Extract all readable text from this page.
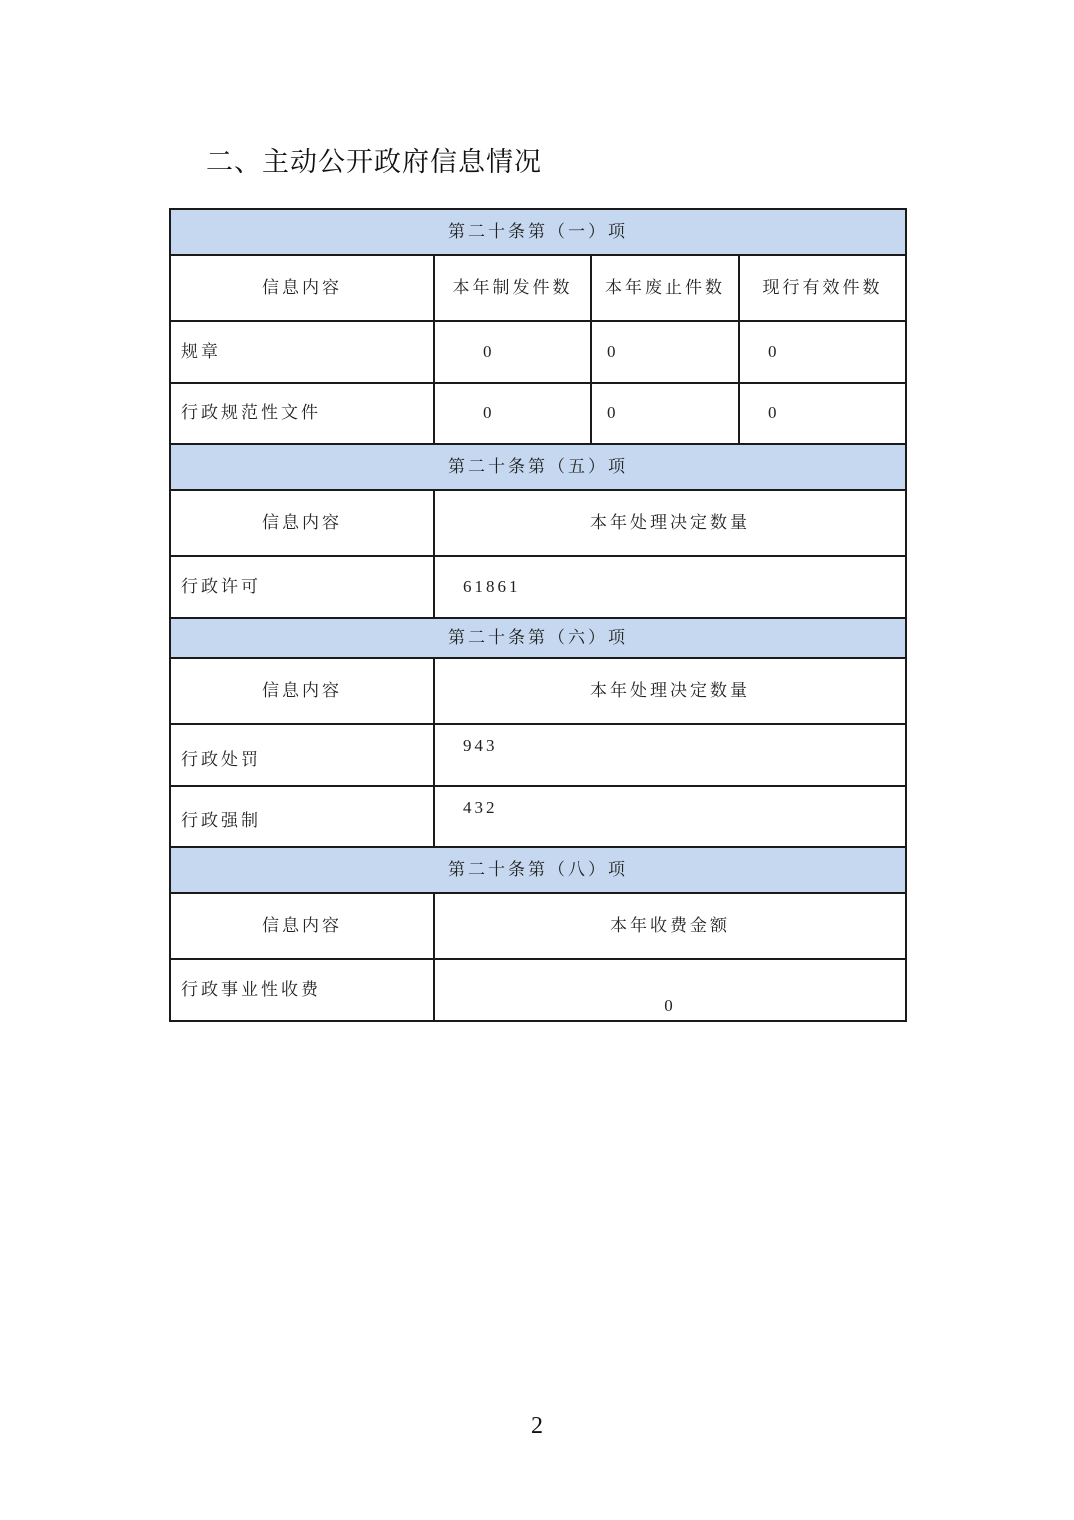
二、主动公开政府信息情况
第二十条第（一）项			
信息内容	本年制发件数	本年废止件数	现行有效件数
规章	0	0	0
行政规范性文件	0	0	0
第二十条第（五）项			
信息内容	本年处理决定数量		
行政许可	61861		
第二十条第（六）项			
信息内容	本年处理决定数量		
行政处罚	943		
行政强制	432		
第二十条第（八）项			
信息内容	本年收费金额		
行政事业性收费	0		
2
